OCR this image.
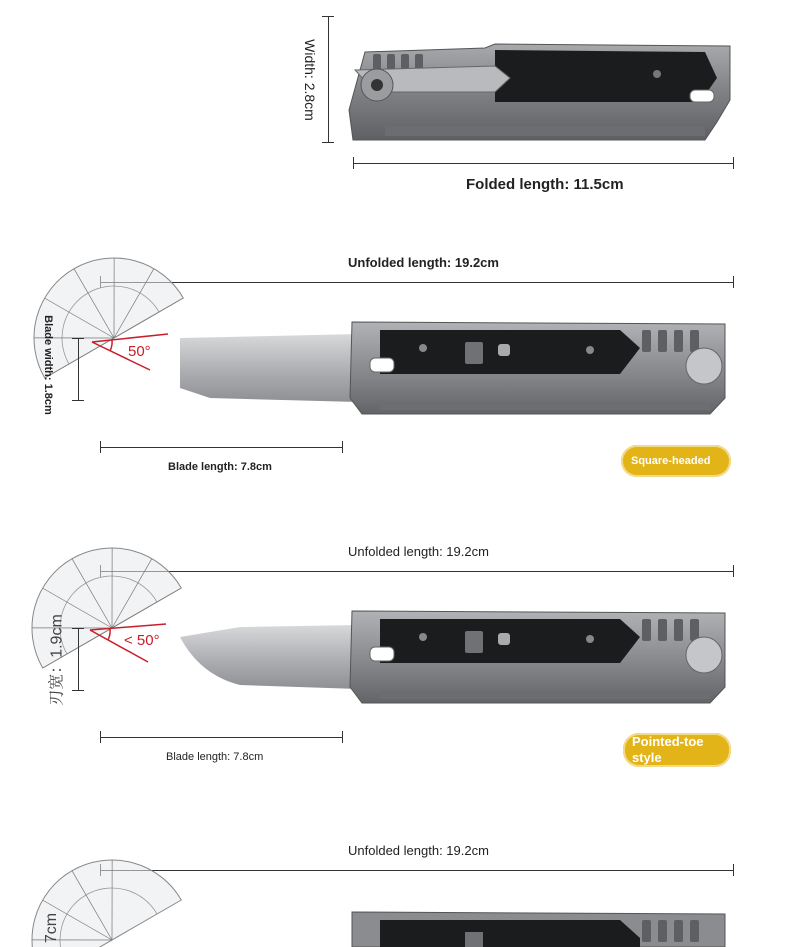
Width: 2.8cm
Folded length: 11.5cm
Unfolded length: 19.2cm
50°
Blade width: 1.8cm
Blade length: 7.8cm	Square-headed
Unfolded length: 19.2cm
< 50°
刃宽：1.9cm
Blade length: 7.8cm
Pointed-toe
style
Unfolded length: 19.2cm
7cm
